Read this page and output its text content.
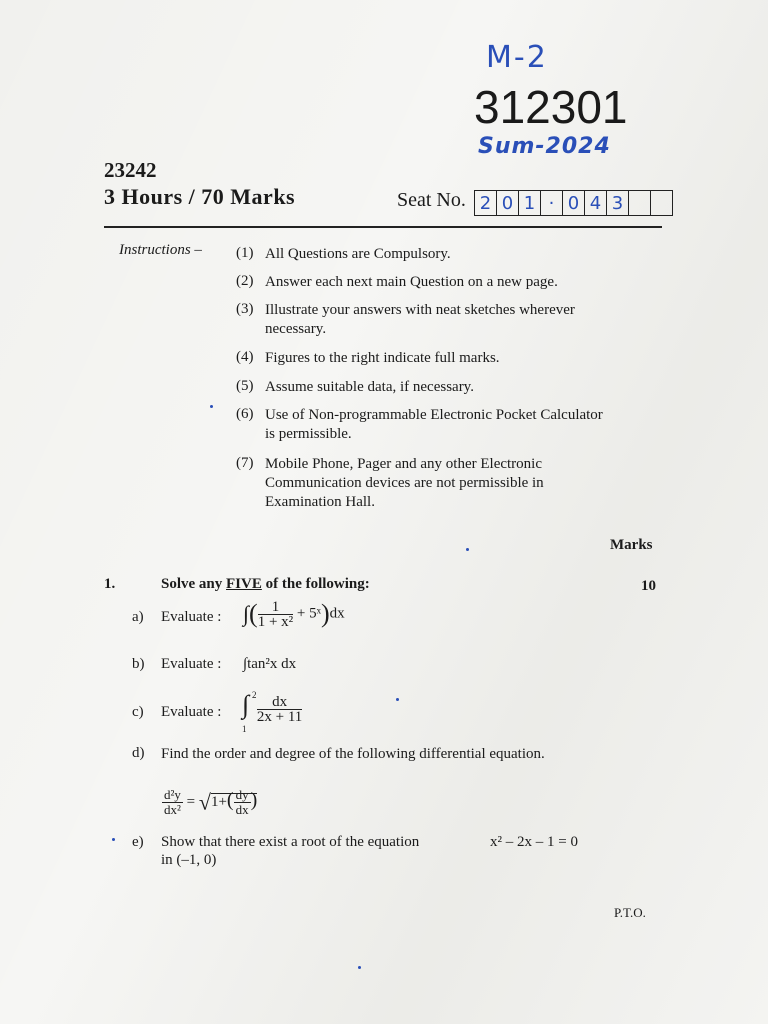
M-2
312301
Sum-2024
23242
3 Hours / 70 Marks	Seat No. 2 0 1 · 0 4 3
Instructions – (1) All Questions are Compulsory.
(2) Answer each next main Question on a new page.
(3) Illustrate your answers with neat sketches wherever necessary.
(4) Figures to the right indicate full marks.
(5) Assume suitable data, if necessary.
(6) Use of Non-programmable Electronic Pocket Calculator is permissible.
(7) Mobile Phone, Pager and any other Electronic Communication devices are not permissible in Examination Hall.
Marks
1.	Solve any FIVE of the following:	10
a) Evaluate : ∫( $\frac{1}{\text{1 + x²}}$ + 5ˣ)dx
b) Evaluate : ∫tan²x dx
c) Evaluate :
2
∫
1
$\frac{dx}{2x + 11}$
d) Find the order and degree of the following differential equation.
$\frac{\text{d²y}}{\text{dx²}} = √1+( \frac{dy}{dx}$ )
e) Show that there exist a root of the equation	x² – 2x – 1 = 0
in (–1, 0)
P.T.O.
